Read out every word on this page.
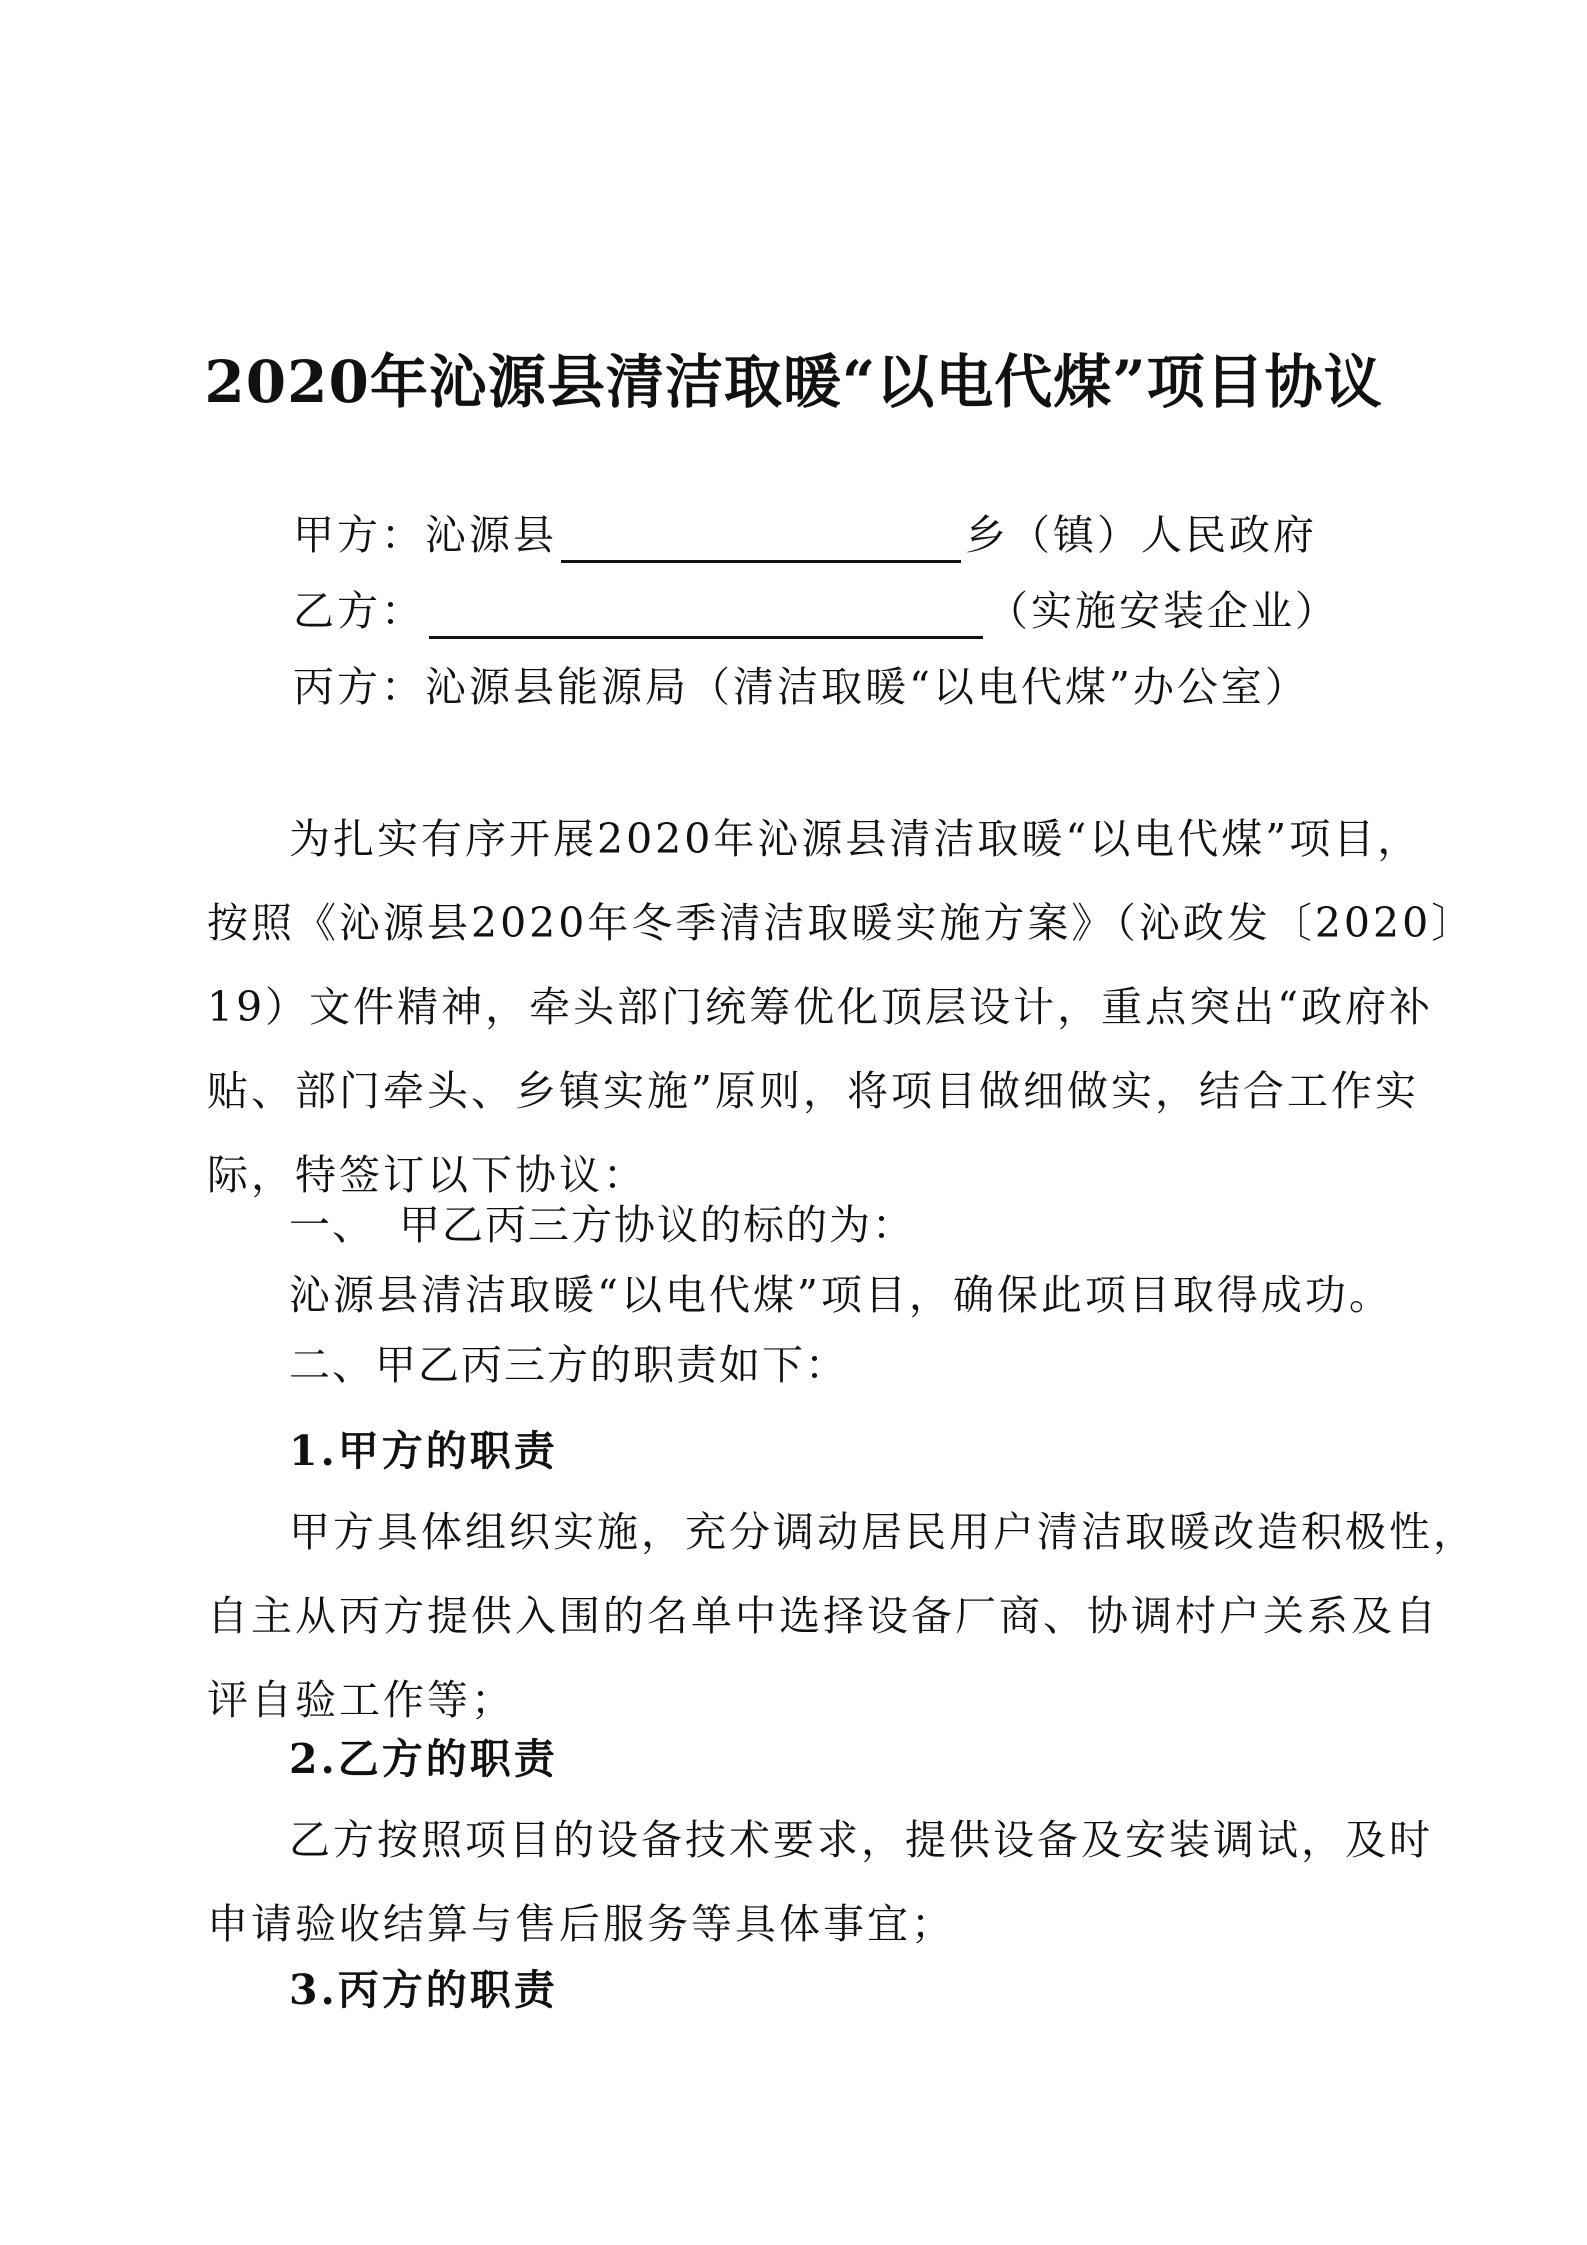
2020年沁源县清洁取暖“以电代煤”项目协议
甲方：沁源县	乡（镇）人民政府
乙方：	（实施安装企业）
丙方：沁源县能源局（清洁取暖“以电代煤”办公室）
为扎实有序开展2020年沁源县清洁取暖“以电代煤”项目，
按照《沁源县2020年冬季清洁取暖实施方案》（沁政发〔2020〕
19）文件精神，牵头部门统筹优化顶层设计，重点突出“政府补
贴、部门牵头、乡镇实施”原则，将项目做细做实，结合工作实
际，特签订以下协议：
一、 甲乙丙三方协议的标的为：
沁源县清洁取暖“以电代煤”项目，确保此项目取得成功。
二、甲乙丙三方的职责如下：
1.甲方的职责
甲方具体组织实施，充分调动居民用户清洁取暖改造积极性，
自主从丙方提供入围的名单中选择设备厂商、协调村户关系及自
评自验工作等；
2.乙方的职责
乙方按照项目的设备技术要求，提供设备及安装调试，及时
申请验收结算与售后服务等具体事宜；
3.丙方的职责
